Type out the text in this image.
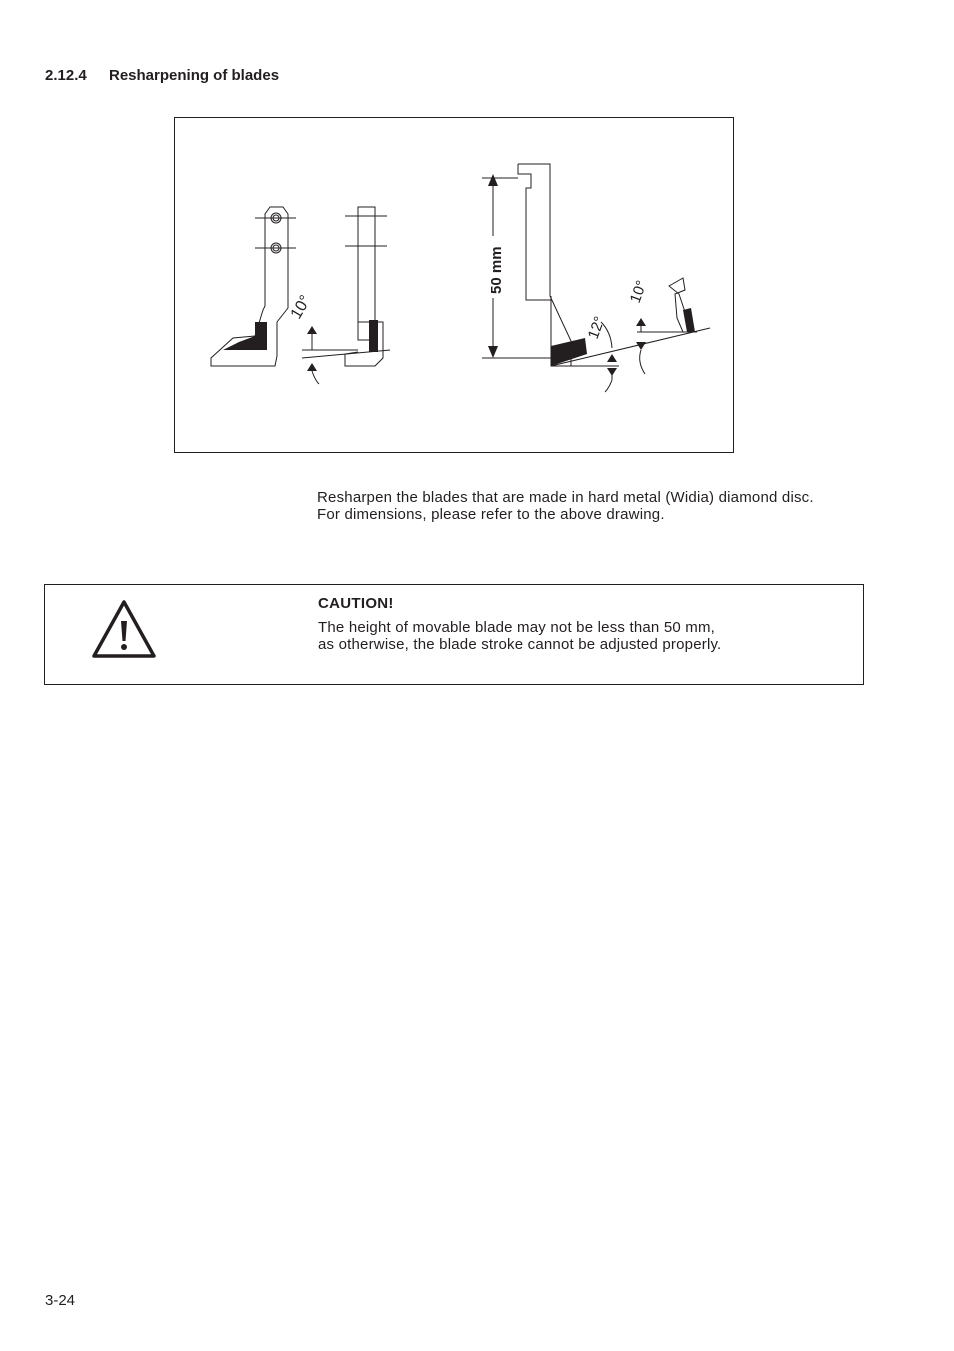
2.12.4 Resharpening of blades
10°
50 mm
12°
10°

Resharpen the blades that are made in hard metal (Widia) diamond disc.

For dimensions, please refer to the above drawing.

CAUTION!

The height of movable blade may not be less than 50 mm,

as otherwise, the blade stroke cannot be adjusted properly.

3-24
